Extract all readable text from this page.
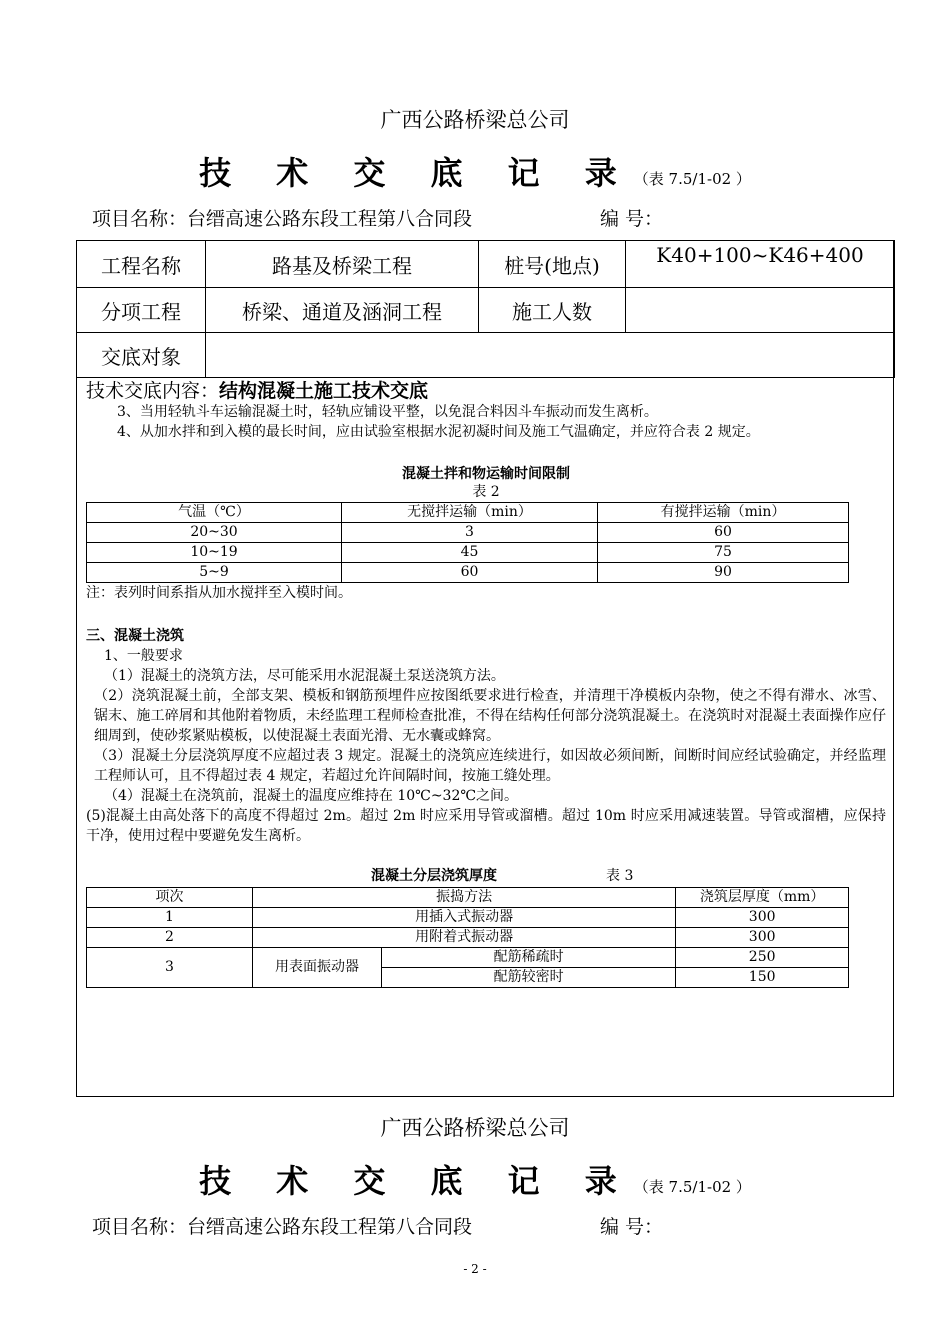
广西公路桥梁总公司
技 术 交 底 记 录（表 7.5/1-02 ）
项目名称：台缙高速公路东段工程第八合同段	编 号：
工程名称	路基及桥梁工程	桩号(地点)	K40+100~K46+400
分项工程	桥梁、通道及涵洞工程	施工人数	
交底对象			
技术交底内容：结构混凝土施工技术交底

3、当用轻轨斗车运输混凝土时，轻轨应铺设平整，以免混合料因斗车振动而发生离析。

4、从加水拌和到入模的最长时间，应由试验室根据水泥初凝时间及施工气温确定，并应符合表 2 规定。

混凝土拌和物运输时间限制
表 2
气温（℃）	无搅拌运输（min）	有搅拌运输（min）
20~30	3	60
10~19	45	75
5~9	60	90

注：表列时间系指从加水搅拌至入模时间。

三、混凝土浇筑

1、一般要求

（1）混凝土的浇筑方法，尽可能采用水泥混凝土泵送浇筑方法。

（2）浇筑混凝土前，全部支架、模板和钢筋预埋件应按图纸要求进行检查，并清理干净模板内杂物，使之不得有滞水、冰雪、锯末、施工碎屑和其他附着物质，未经监理工程师检查批准，不得在结构任何部分浇筑混凝土。在浇筑时对混凝土表面操作应仔细周到，使砂浆紧贴模板，以使混凝土表面光滑、无水囊或蜂窝。

（3）混凝土分层浇筑厚度不应超过表 3 规定。混凝土的浇筑应连续进行，如因故必须间断，间断时间应经试验确定，并经监理工程师认可，且不得超过表 4 规定，若超过允许间隔时间，按施工缝处理。

（4）混凝土在浇筑前，混凝土的温度应维持在 10℃~32℃之间。

(5)混凝土由高处落下的高度不得超过 2m。超过 2m 时应采用导管或溜槽。超过 10m 时应采用减速装置。导管或溜槽，应保持干净，使用过程中要避免发生离析。

混凝土分层浇筑厚度	表 3
项次	振捣方法		浇筑层厚度（mm）
1	用插入式振动器		300
2	用附着式振动器		300
3	用表面振动器	配筋稀疏时	250
		配筋较密时	150
广西公路桥梁总公司
技 术 交 底 记 录（表 7.5/1-02 ）
项目名称：台缙高速公路东段工程第八合同段	编 号：
- 2 -
